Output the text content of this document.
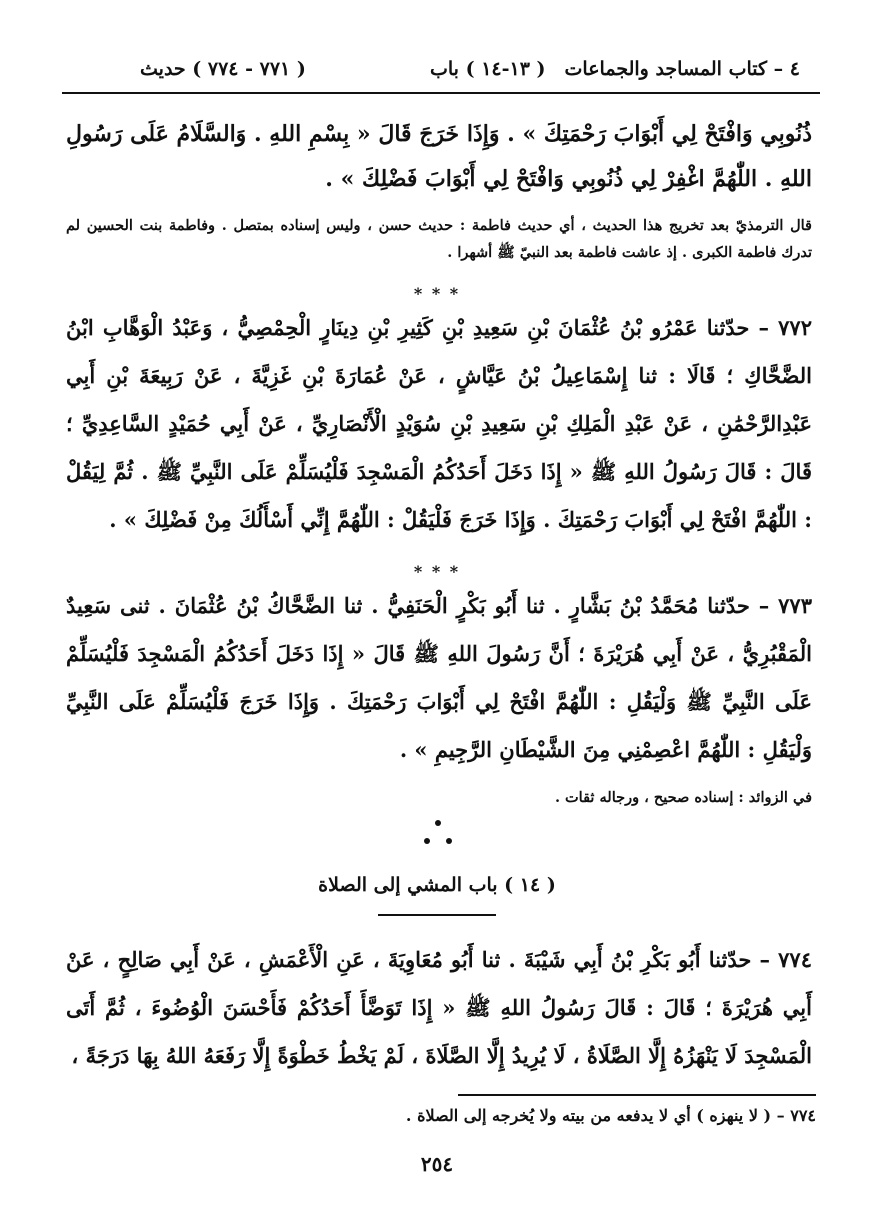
٤ – كتاب المساجد والجماعات
( ١٣-١٤ ) باب
( ٧٧١ - ٧٧٤ ) حديث
ذُنُوبِي وَافْتَحْ لِي أَبْوَابَ رَحْمَتِكَ » . وَإِذَا خَرَجَ قَالَ « بِسْمِ اللهِ . وَالسَّلَامُ عَلَى رَسُولِ اللهِ . اللّٰهُمَّ اغْفِرْ لِي ذُنُوبِي وَافْتَحْ لِي أَبْوَابَ فَضْلِكَ » .
قال الترمذيّ بعد تخريج هذا الحديث ، أي حديث فاطمة : حديث حسن ، وليس إسناده بمتصل . وفاطمة بنت الحسين لم تدرك فاطمة الكبرى . إذ عاشت فاطمة بعد النبيّ ﷺ أشهرا .
* * *
٧٧٢ – حدّثنا عَمْرُو بْنُ عُثْمَانَ بْنِ سَعِيدِ بْنِ كَثِيرِ بْنِ دِينَارٍ الْحِمْصِيُّ ، وَعَبْدُ الْوَهَّابِ ابْنُ الضَّحَّاكِ ؛ قَالَا : ثنا إِسْمَاعِيلُ بْنُ عَيَّاشٍ ، عَنْ عُمَارَةَ بْنِ غَزِيَّةَ ، عَنْ رَبِيعَةَ بْنِ أَبِي عَبْدِالرَّحْمَٰنِ ، عَنْ عَبْدِ الْمَلِكِ بْنِ سَعِيدِ بْنِ سُوَيْدٍ الْأَنْصَارِيِّ ، عَنْ أَبِي حُمَيْدٍ السَّاعِدِيِّ ؛ قَالَ : قَالَ رَسُولُ اللهِ ﷺ « إِذَا دَخَلَ أَحَدُكُمُ الْمَسْجِدَ فَلْيُسَلِّمْ عَلَى النَّبِيِّ ﷺ . ثُمَّ لِيَقُلْ : اللّٰهُمَّ افْتَحْ لِي أَبْوَابَ رَحْمَتِكَ . وَإِذَا خَرَجَ فَلْيَقُلْ : اللّٰهُمَّ إِنِّي أَسْأَلُكَ مِنْ فَضْلِكَ » .
* * *
٧٧٣ – حدّثنا مُحَمَّدُ بْنُ بَشَّارٍ . ثنا أَبُو بَكْرٍ الْحَنَفِيُّ . ثنا الضَّحَّاكُ بْنُ عُثْمَانَ . ثنى سَعِيدٌ الْمَقْبُرِيُّ ، عَنْ أَبِي هُرَيْرَةَ ؛ أَنَّ رَسُولَ اللهِ ﷺ قَالَ « إِذَا دَخَلَ أَحَدُكُمُ الْمَسْجِدَ فَلْيُسَلِّمْ عَلَى النَّبِيِّ ﷺ وَلْيَقُلِ : اللّٰهُمَّ افْتَحْ لِي أَبْوَابَ رَحْمَتِكَ . وَإِذَا خَرَجَ فَلْيُسَلِّمْ عَلَى النَّبِيِّ وَلْيَقُلِ : اللّٰهُمَّ اعْصِمْنِي مِنَ الشَّيْطَانِ الرَّجِيمِ » .
في الزوائد : إسناده صحيح ، ورجاله ثقات .
( ١٤ ) باب المشي إلى الصلاة
٧٧٤ – حدّثنا أَبُو بَكْرِ بْنُ أَبِي شَيْبَةَ . ثنا أَبُو مُعَاوِيَةَ ، عَنِ الْأَعْمَشِ ، عَنْ أَبِي صَالِحٍ ، عَنْ أَبِي هُرَيْرَةَ ؛ قَالَ : قَالَ رَسُولُ اللهِ ﷺ « إِذَا تَوَضَّأَ أَحَدُكُمْ فَأَحْسَنَ الْوُضُوءَ ، ثُمَّ أَتَى الْمَسْجِدَ لَا يَنْهَزُهُ إِلَّا الصَّلَاةُ ، لَا يُرِيدُ إِلَّا الصَّلَاةَ ، لَمْ يَخْطُ خَطْوَةً إِلَّا رَفَعَهُ اللهُ بِهَا دَرَجَةً ،
٧٧٤ – ( لا ينهزه ) أي لا يدفعه من بيته ولا يُخرجه إلى الصلاة .
٢٥٤
